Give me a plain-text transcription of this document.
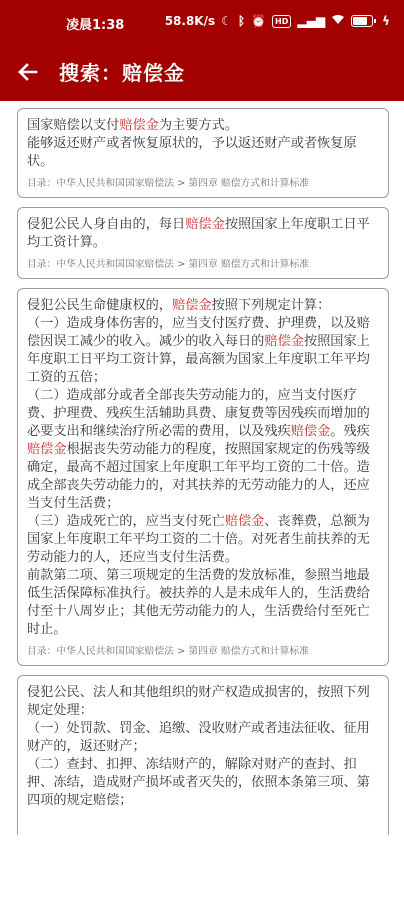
凌晨1:38	58.8K/s ☾ ᛒ ⏰	HD ▂▄▆	ϟ
搜索：赔偿金
国家赔偿以支付赔偿金为主要方式。
能够返还财产或者恢复原状的，予以返还财产或者恢复原状。
目录：中华人民共和国国家赔偿法 > 第四章 赔偿方式和计算标准
侵犯公民人身自由的，每日赔偿金按照国家上年度职工日平均工资计算。
目录：中华人民共和国国家赔偿法 > 第四章 赔偿方式和计算标准
侵犯公民生命健康权的，赔偿金按照下列规定计算：
（一）造成身体伤害的，应当支付医疗费、护理费，以及赔偿因误工减少的收入。减少的收入每日的赔偿金按照国家上年度职工日平均工资计算，最高额为国家上年度职工年平均工资的五倍；
（二）造成部分或者全部丧失劳动能力的，应当支付医疗费、护理费、残疾生活辅助具费、康复费等因残疾而增加的必要支出和继续治疗所必需的费用，以及残疾赔偿金。残疾赔偿金根据丧失劳动能力的程度，按照国家规定的伤残等级确定，最高不超过国家上年度职工年平均工资的二十倍。造成全部丧失劳动能力的，对其扶养的无劳动能力的人，还应当支付生活费；
（三）造成死亡的，应当支付死亡赔偿金、丧葬费，总额为国家上年度职工年平均工资的二十倍。对死者生前扶养的无劳动能力的人，还应当支付生活费。
前款第二项、第三项规定的生活费的发放标准，参照当地最低生活保障标准执行。被扶养的人是未成年人的，生活费给付至十八周岁止；其他无劳动能力的人，生活费给付至死亡时止。
目录：中华人民共和国国家赔偿法 > 第四章 赔偿方式和计算标准
侵犯公民、法人和其他组织的财产权造成损害的，按照下列规定处理：
（一）处罚款、罚金、追缴、没收财产或者违法征收、征用财产的，返还财产；
（二）查封、扣押、冻结财产的，解除对财产的查封、扣押、冻结，造成财产损坏或者灭失的，依照本条第三项、第四项的规定赔偿；
